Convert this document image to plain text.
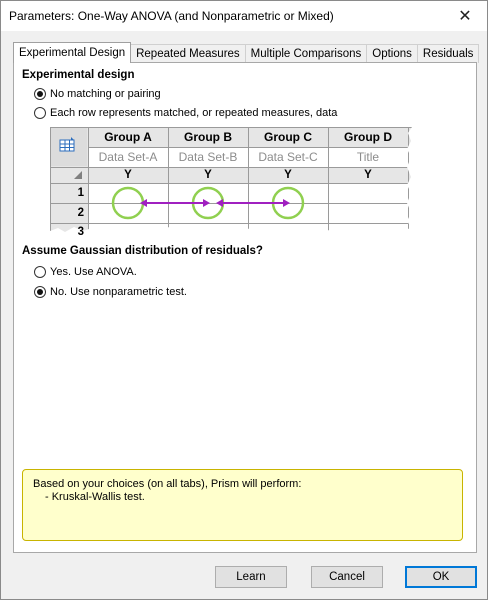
Parameters: One-Way ANOVA (and Nonparametric or Mixed)	✕
Experimental Design Repeated Measures Multiple Comparisons Options Residuals
Experimental design
No matching or pairing
Each row represents matched, or repeated measures, data
Group A	Group B	Group C	Group D
Data Set-A	Data Set-B	Data Set-C	Title
Y	Y	Y	Y
1
2
3
Assume Gaussian distribution of residuals?
Yes. Use ANOVA.
No. Use nonparametric test.
Based on your choices (on all tabs), Prism will perform:
- Kruskal-Wallis test.
Learn	Cancel	OK
